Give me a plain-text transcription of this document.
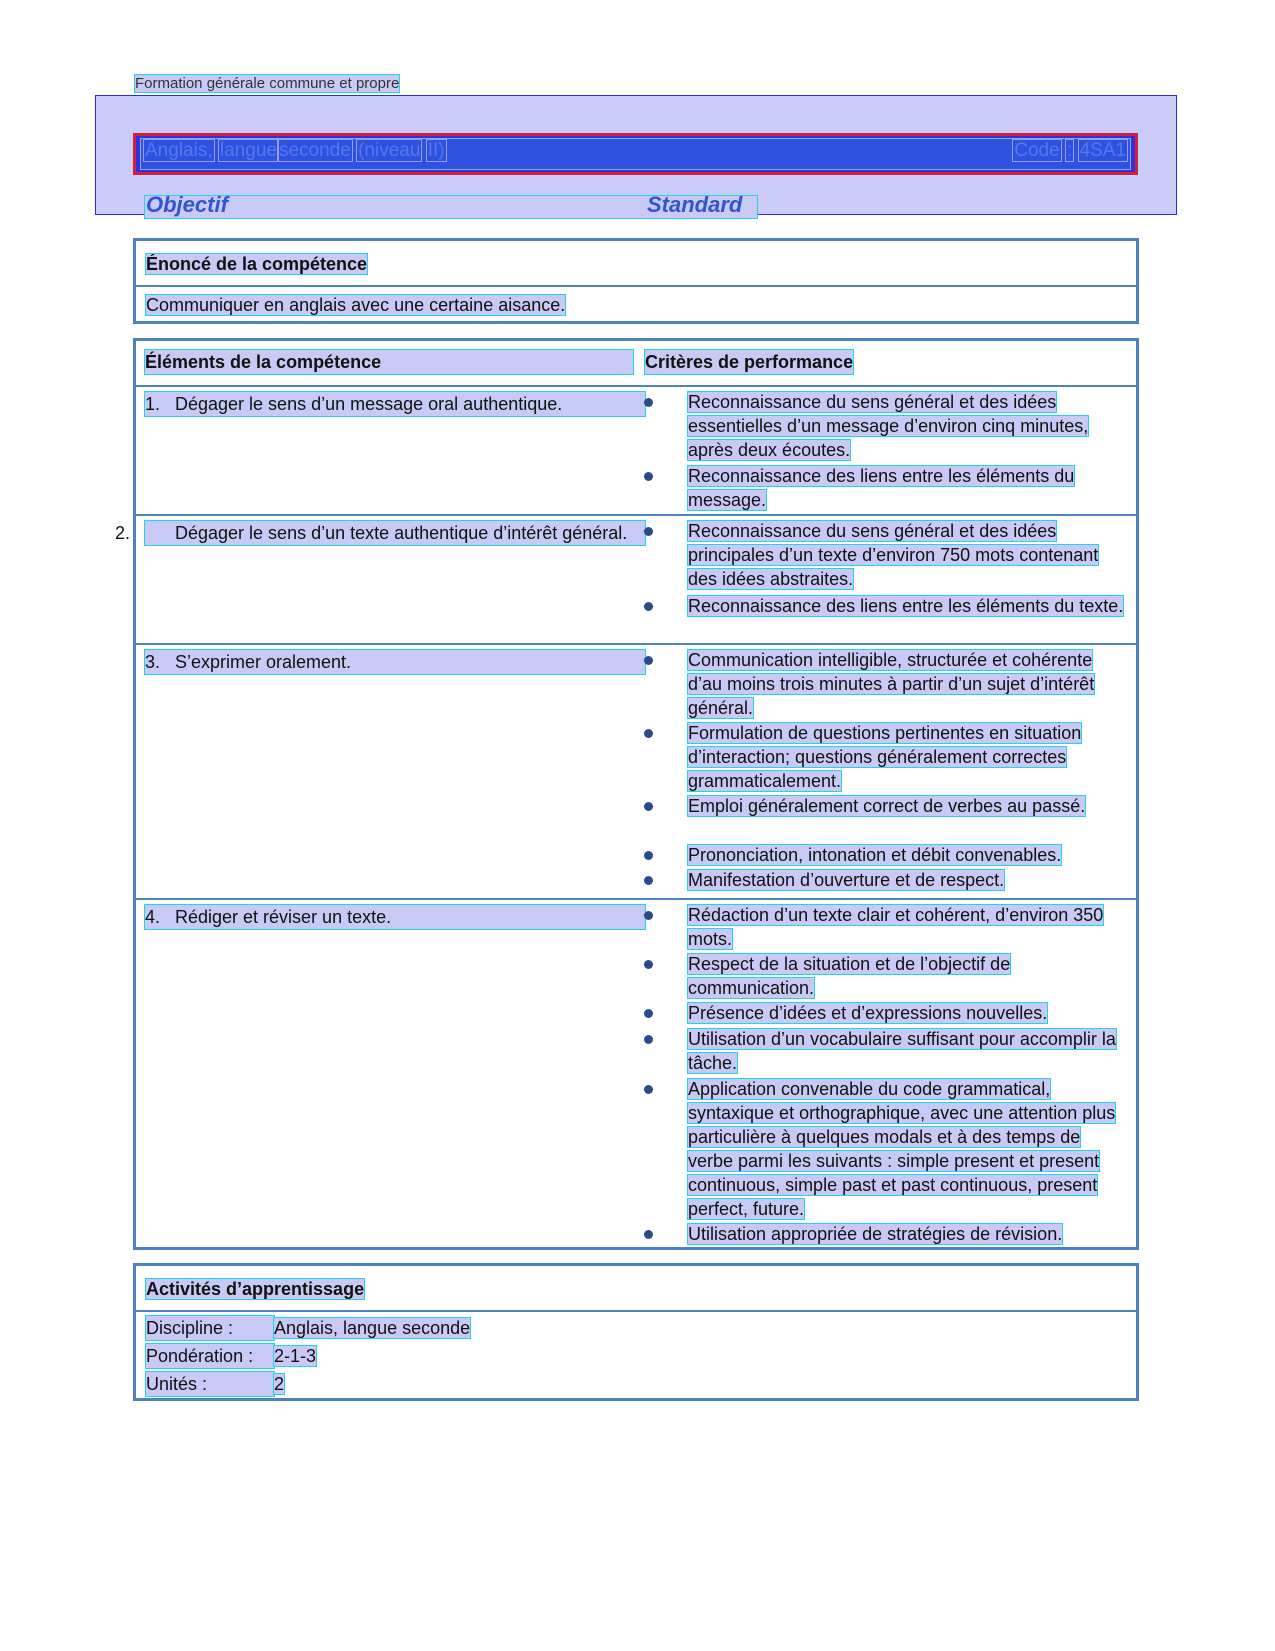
Formation générale commune et propre
Anglais, langue seconde (niveau II)	Code : 4SA1
Objectif	Standard
Énoncé de la compétence
Communiquer en anglais avec une certaine aisance.
Éléments de la compétence	Critères de performance
1. Dégager le sens d’un message oral authentique.	Reconnaissance du sens général et des idées essentielles d’un message d’environ cinq minutes, après deux écoutes.
Reconnaissance des liens entre les éléments du message.
2. Dégager le sens d’un texte authentique d’intérêt général.	Reconnaissance du sens général et des idées principales d’un texte d’environ 750 mots contenant des idées abstraites.
Reconnaissance des liens entre les éléments du texte.
3. S’exprimer oralement.	Communication intelligible, structurée et cohérente d’au moins trois minutes à partir d’un sujet d’intérêt général.
Formulation de questions pertinentes en situation d’interaction; questions généralement correctes grammaticalement.
Emploi généralement correct de verbes au passé.
Prononciation, intonation et débit convenables.
Manifestation d’ouverture et de respect.
4. Rédiger et réviser un texte.	Rédaction d’un texte clair et cohérent, d’environ 350 mots.
Respect de la situation et de l’objectif de communication.
Présence d’idées et d’expressions nouvelles.
Utilisation d’un vocabulaire suffisant pour accomplir la tâche.
Application convenable du code grammatical, syntaxique et orthographique, avec une attention plus particulière à quelques modals et à des temps de verbe parmi les suivants : simple present et present continuous, simple past et past continuous, present perfect, future.
Utilisation appropriée de stratégies de révision.
Activités d’apprentissage
Discipline : Anglais, langue seconde
Pondération : 2-1-3
Unités :	2
